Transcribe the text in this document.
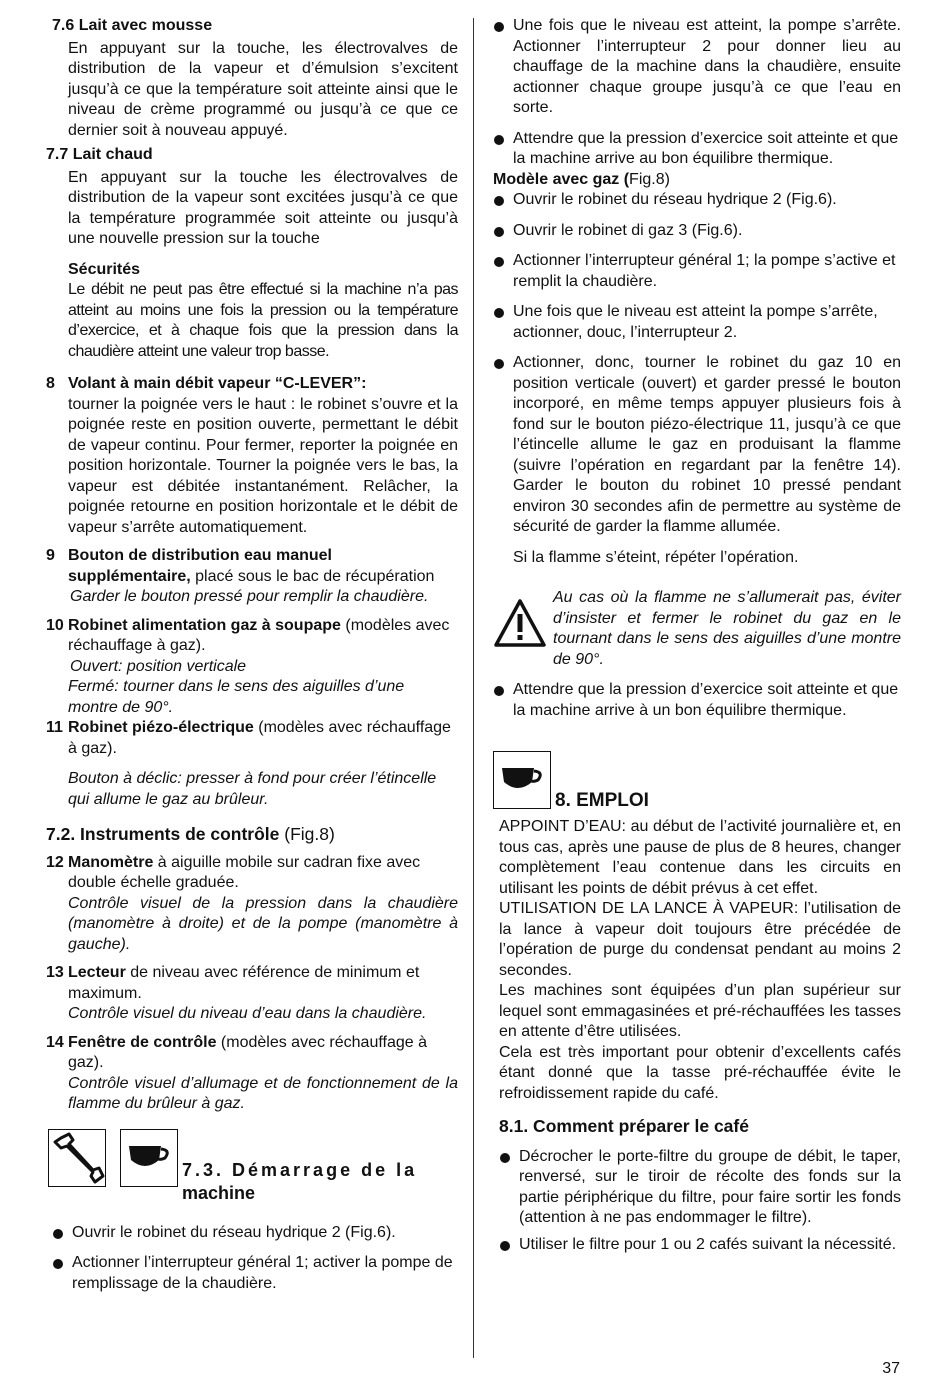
7.6 Lait avec mousse

En appuyant sur la touche, les électrovalves de distribution de la vapeur et d’émulsion s’excitent jusqu’à ce que la température soit atteinte ainsi que le niveau de crème programmé ou jusqu’à ce que ce dernier soit à nouveau appuyé.

7.7 Lait chaud

En appuyant sur la touche les électrovalves de distribution de la vapeur sont excitées jusqu’à ce que la température programmée soit atteinte ou jusqu’à une nouvelle pression sur la touche

Sécurités

Le débit ne peut pas être effectué si la machine n’a pas atteint au moins une fois la pression ou la température d’exercice, et à chaque fois que la pression dans la chaudière atteint une valeur trop basse.

8 Volant à main débit vapeur “C-LEVER”:
tourner la poignée vers le haut : le robinet s’ouvre et la poignée reste en position ouverte, permettant le débit de vapeur continu. Pour fermer, reporter la poignée en position horizontale. Tourner la poignée vers le bas, la vapeur est débitée instantanément. Relâcher, la poignée retourne en position horizontale et le débit de vapeur s’arrête automatiquement.

9 Bouton de distribution eau manuel supplémentaire, placé sous le bac de récupération

Garder le bouton pressé pour remplir la chaudière.

10 Robinet alimentation gaz à soupape (modèles avec réchauffage à gaz).

Ouvert: position verticale

Fermé: tourner dans le sens des aiguilles d’une montre de 90°.

11 Robinet piézo-électrique (modèles avec réchauffage à gaz).

Bouton à déclic: presser à fond pour créer l’étincelle qui allume le gaz au brûleur.

7.2. Instruments de contrôle (Fig.8)

12 Manomètre à aiguille mobile sur cadran fixe avec double échelle graduée.

Contrôle visuel de la pression dans la chaudière (manomètre à droite) et de la pompe (manomètre à gauche).

13 Lecteur de niveau avec référence de minimum et maximum.

Contrôle visuel du niveau d’eau dans la chaudière.

14 Fenêtre de contrôle (modèles avec réchauffage à gaz).

Contrôle visuel d’allumage et de fonctionnement de la flamme du brûleur à gaz.

7.3. Démarrage de la
machine

Ouvrir le robinet du réseau hydrique 2 (Fig.6).

Actionner l’interrupteur général 1; activer la pompe de remplissage de la chaudière.

Une fois que le niveau est atteint, la pompe s’arrête. Actionner l’interrupteur 2 pour donner lieu au chauffage de la machine dans la chaudière, ensuite actionner chaque groupe jusqu’à ce que l’eau en sorte.

Attendre que la pression d’exercice soit atteinte et que la machine arrive au bon équilibre thermique.

Modèle avec gaz (Fig.8)

Ouvrir le robinet du réseau hydrique 2 (Fig.6).

Ouvrir le robinet di gaz 3 (Fig.6).

Actionner l’interrupteur général 1; la pompe s’active et remplit la chaudière.

Une fois que le niveau est atteint la pompe s’arrête, actionner, douc, l’interrupteur 2.

Actionner, donc, tourner le robinet du gaz 10 en position verticale (ouvert) et garder pressé le bouton incorporé, en même temps appuyer plusieurs fois à fond sur le bouton piézo-électrique 11, jusqu’à ce que l’étincelle allume le gaz en produisant la flamme (suivre l’opération en regardant par la fenêtre 14). Garder le bouton du robinet 10 pressé pendant environ 30 secondes afin de permettre au système de sécurité de garder la flamme allumée.

Si la flamme s’éteint, répéter l’opération.

Au cas où la flamme ne s’allumerait pas, éviter d’insister et fermer le robinet du gaz en le tournant dans le sens des aiguilles d’une montre de 90°.

Attendre que la pression d’exercice soit atteinte et que la machine arrive à un bon équilibre thermique.

8. EMPLOI

APPOINT D’EAU: au début de l’activité journalière et, en tous cas, après une pause de plus de 8 heures, changer complètement l’eau contenue dans les circuits en utilisant les points de débit prévus à cet effet.

UTILISATION DE LA LANCE À VAPEUR: l’utilisation de la lance à vapeur doit toujours être précédée de l’opération de purge du condensat pendant au moins 2 secondes.

Les machines sont équipées d’un plan supérieur sur lequel sont emmagasinées et pré-réchauffées les tasses en attente d’être utilisées.

Cela est très important pour obtenir d’excellents cafés étant donné que la tasse pré-réchauffée évite le refroidissement rapide du café.

8.1. Comment préparer le café

Décrocher le porte-filtre du groupe de débit, le taper, renversé, sur le tiroir de récolte des fonds sur la partie périphérique du filtre, pour faire sortir les fonds (attention à ne pas endommager le filtre).

Utiliser le filtre pour 1 ou 2 cafés suivant la nécessité.

37
